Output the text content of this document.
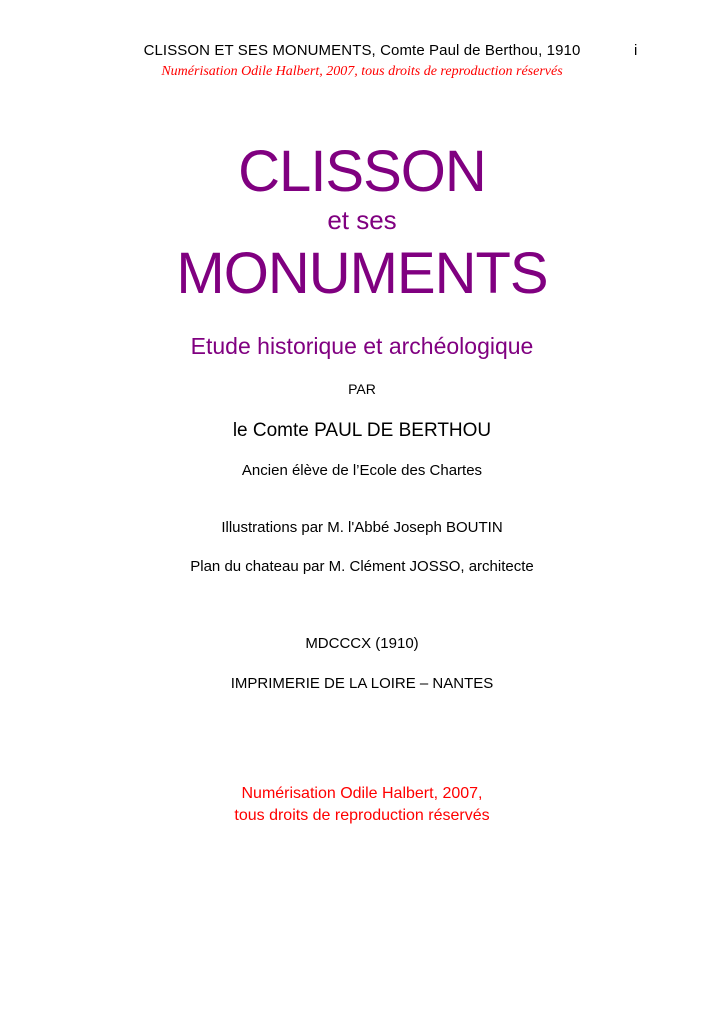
CLISSON ET SES MONUMENTS, Comte Paul de Berthou, 1910	i
Numérisation Odile Halbert, 2007, tous droits de reproduction réservés
CLISSON
et ses
MONUMENTS
Etude historique et archéologique
PAR
le Comte PAUL DE BERTHOU
Ancien élève de l’Ecole des Chartes
Illustrations par M. l'Abbé Joseph BOUTIN
Plan du chateau par M. Clément JOSSO, architecte
MDCCCX (1910)
IMPRIMERIE DE LA LOIRE – NANTES
Numérisation Odile Halbert, 2007,
tous droits de reproduction réservés
